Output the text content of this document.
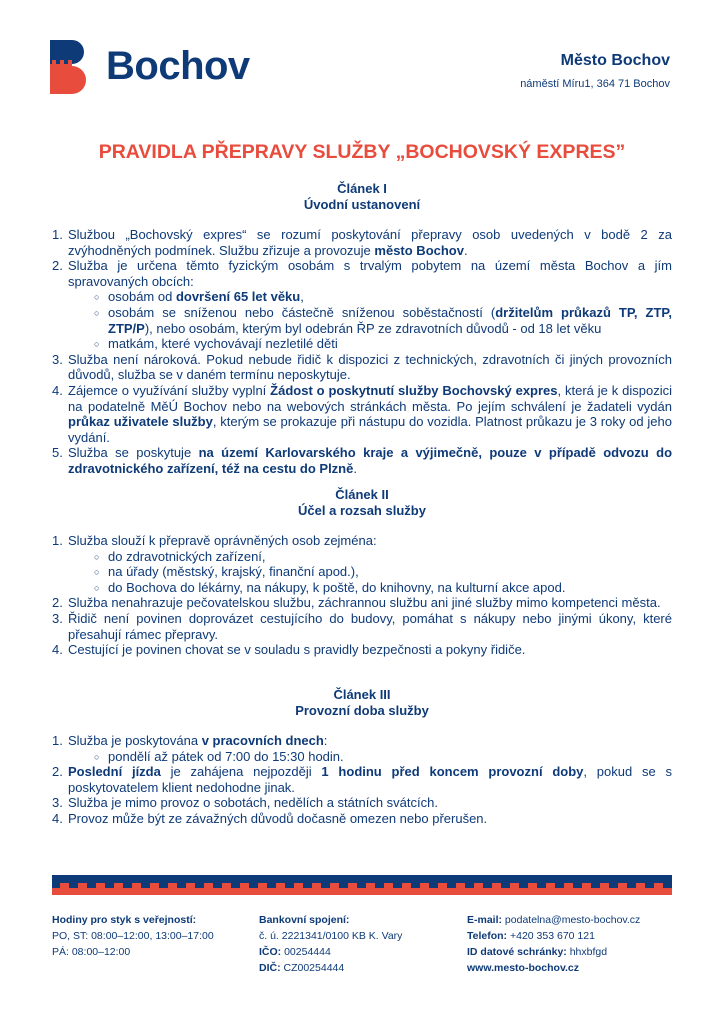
Bochov	Město Bochov
náměstí Míru1, 364 71 Bochov
PRAVIDLA PŘEPRAVY SLUŽBY „BOCHOVSKÝ EXPRES”
Článek I
Úvodní ustanovení
1. Službou „Bochovský expres“ se rozumí poskytování přepravy osob uvedených v bodě 2 za zvýhodněných podmínek. Službu zřizuje a provozuje město Bochov.
2. Služba je určena těmto fyzickým osobám s trvalým pobytem na území města Bochov a jím spravovaných obcích:
○ osobám od dovršení 65 let věku,
○ osobám se sníženou nebo částečně sníženou soběstačností (držitelům průkazů TP, ZTP, ZTP/P), nebo osobám, kterým byl odebrán ŘP ze zdravotních důvodů - od 18 let věku
○ matkám, které vychovávají nezletilé děti
3. Služba není nároková. Pokud nebude řidič k dispozici z technických, zdravotních či jiných provozních důvodů, služba se v daném termínu neposkytuje.
4. Zájemce o využívání služby vyplní Žádost o poskytnutí služby Bochovský expres, která je k dispozici na podatelně MěÚ Bochov nebo na webových stránkách města. Po jejím schválení je žadateli vydán průkaz uživatele služby, kterým se prokazuje při nástupu do vozidla. Platnost průkazu je 3 roky od jeho vydání.
5. Služba se poskytuje na území Karlovarského kraje a výjimečně, pouze v případě odvozu do zdravotnického zařízení, též na cestu do Plzně.
Článek II
Účel a rozsah služby
1. Služba slouží k přepravě oprávněných osob zejména:
○ do zdravotnických zařízení,
○ na úřady (městský, krajský, finanční apod.),
○ do Bochova do lékárny, na nákupy, k poště, do knihovny, na kulturní akce apod.
2. Služba nenahrazuje pečovatelskou službu, záchrannou službu ani jiné služby mimo kompetenci města.
3. Řidič není povinen doprovázet cestujícího do budovy, pomáhat s nákupy nebo jinými úkony, které přesahují rámec přepravy.
4. Cestující je povinen chovat se v souladu s pravidly bezpečnosti a pokyny řidiče.
Článek III
Provozní doba služby
1. Služba je poskytována v pracovních dnech:
○ pondělí až pátek od 7:00 do 15:30 hodin.
2. Poslední jízda je zahájena nejpozději 1 hodinu před koncem provozní doby, pokud se s poskytovatelem klient nedohodne jinak.
3. Služba je mimo provoz o sobotách, nedělích a státních svátcích.
4. Provoz může být ze závažných důvodů dočasně omezen nebo přerušen.
Hodiny pro styk s veřejností:
PO, ST: 08:00–12:00, 13:00–17:00
PÁ: 08:00–12:00
Bankovní spojení:
č. ú. 2221341/0100 KB K. Vary
IČO: 00254444
DIČ: CZ00254444
E-mail: podatelna@mesto-bochov.cz
Telefon: +420 353 670 121
ID datové schránky: hhxbfgd
www.mesto-bochov.cz
